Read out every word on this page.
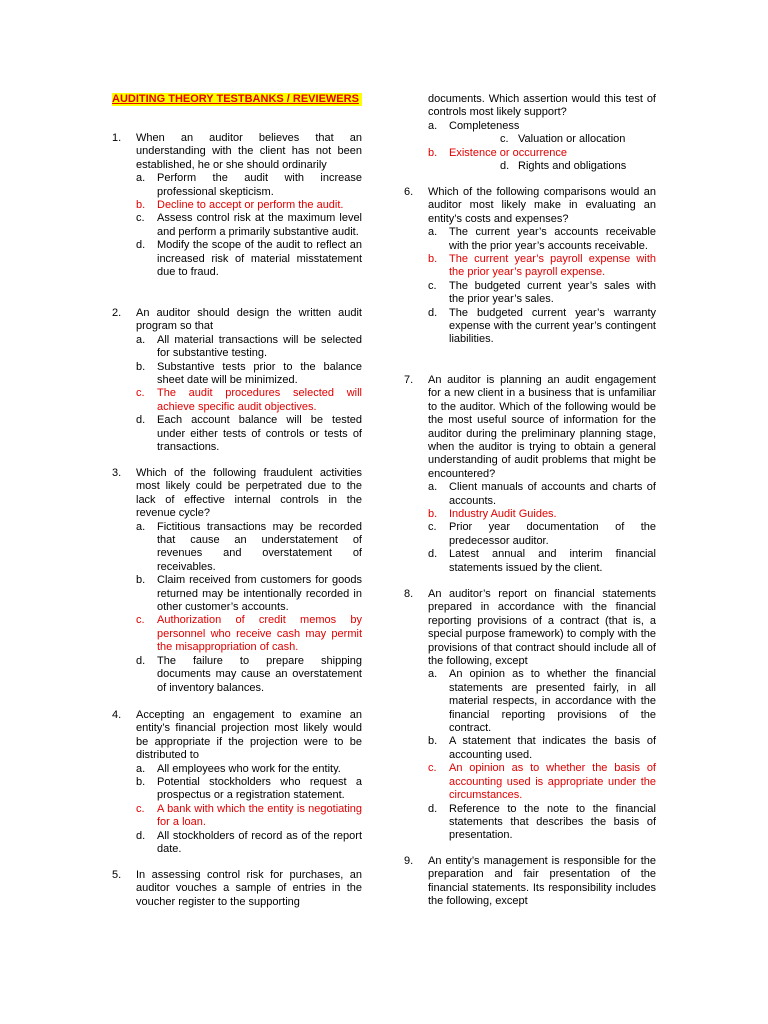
AUDITING THEORY TESTBANKS / REVIEWERS
1. When an auditor believes that an understanding with the client has not been established, he or she should ordinarily
a. Perform the audit with increase professional skepticism.
b. Decline to accept or perform the audit.
c. Assess control risk at the maximum level and perform a primarily substantive audit.
d. Modify the scope of the audit to reflect an increased risk of material misstatement due to fraud.
2. An auditor should design the written audit program so that
a. All material transactions will be selected for substantive testing.
b. Substantive tests prior to the balance sheet date will be minimized.
c. The audit procedures selected will achieve specific audit objectives.
d. Each account balance will be tested under either tests of controls or tests of transactions.
3. Which of the following fraudulent activities most likely could be perpetrated due to the lack of effective internal controls in the revenue cycle?
a. Fictitious transactions may be recorded that cause an understatement of revenues and overstatement of receivables.
b. Claim received from customers for goods returned may be intentionally recorded in other customer’s accounts.
c. Authorization of credit memos by personnel who receive cash may permit the misappropriation of cash.
d. The failure to prepare shipping documents may cause an overstatement of inventory balances.
4. Accepting an engagement to examine an entity’s financial projection most likely would be appropriate if the projection were to be distributed to
a. All employees who work for the entity.
b. Potential stockholders who request a prospectus or a registration statement.
c. A bank with which the entity is negotiating for a loan.
d. All stockholders of record as of the report date.
5. In assessing control risk for purchases, an auditor vouches a sample of entries in the voucher register to the supporting
documents. Which assertion would this test of controls most likely support?
a. Completeness
c. Valuation or allocation
b. Existence or occurrence
d. Rights and obligations
6. Which of the following comparisons would an auditor most likely make in evaluating an entity’s costs and expenses?
a. The current year’s accounts receivable with the prior year’s accounts receivable.
b. The current year’s payroll expense with the prior year’s payroll expense.
c. The budgeted current year’s sales with the prior year’s sales.
d. The budgeted current year’s warranty expense with the current year’s contingent liabilities.
7. An auditor is planning an audit engagement for a new client in a business that is unfamiliar to the auditor. Which of the following would be the most useful source of information for the auditor during the preliminary planning stage, when the auditor is trying to obtain a general understanding of audit problems that might be encountered?
a. Client manuals of accounts and charts of accounts.
b. Industry Audit Guides.
c. Prior year documentation of the predecessor auditor.
d. Latest annual and interim financial statements issued by the client.
8. An auditor’s report on financial statements prepared in accordance with the financial reporting provisions of a contract (that is, a special purpose framework) to comply with the provisions of that contract should include all of the following, except
a. An opinion as to whether the financial statements are presented fairly, in all material respects, in accordance with the financial reporting provisions of the contract.
b. A statement that indicates the basis of accounting used.
c. An opinion as to whether the basis of accounting used is appropriate under the circumstances.
d. Reference to the note to the financial statements that describes the basis of presentation.
9. An entity’s management is responsible for the preparation and fair presentation of the financial statements. Its responsibility includes the following, except
